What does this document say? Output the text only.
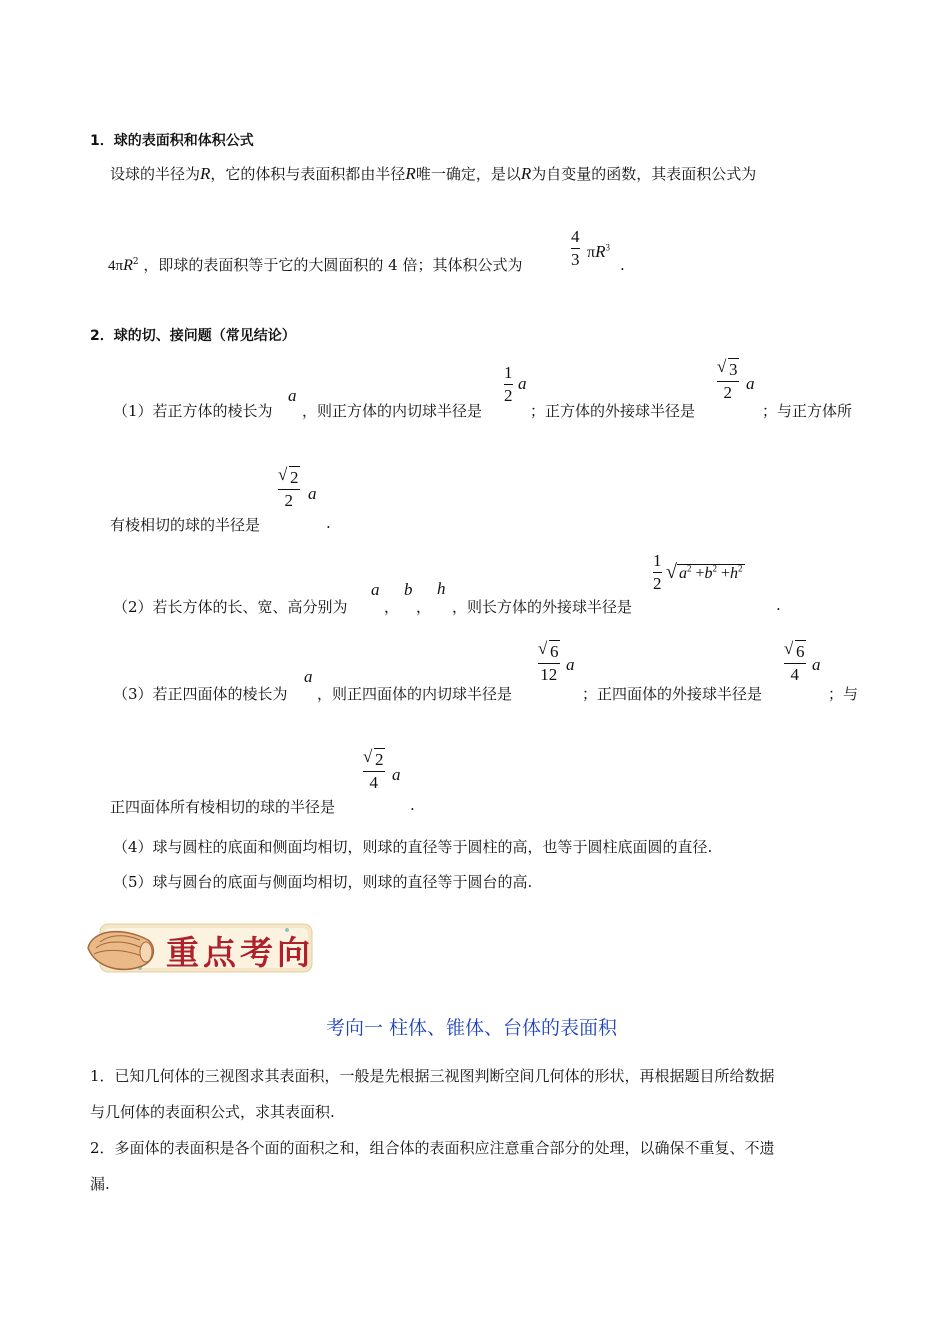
1．球的表面积和体积公式
设球的半径为R，它的体积与表面积都由半径R唯一确定，是以R为自变量的函数，其表面积公式为
$4\pi R^2$ ，即球的表面积等于它的大圆面积的 4 倍；其体积公式为
4
3 $\pi R^3$
.
2．球的切、接问题（常见结论）
（1）若正方体的棱长为
a
，则正方体的内切球半径是
1
2
a
；正方体的外接球半径是
√ 3
2 a
；与正方体所
有棱相切的球的半径是
√ 2
2 a
.
（2）若长方体的长、宽、高分别为
a
，
b
，
h
，则长方体的外接球半径是
1
2
√ $a^2 +b^2 +h^2$
.
（3）若正四面体的棱长为
a
，则正四面体的内切球半径是
√ 6
12
a
；正四面体的外接球半径是
√ 6
4
a
；与
正四面体所有棱相切的球的半径是
√ 2
4 a
.
（4）球与圆柱的底面和侧面均相切，则球的直径等于圆柱的高，也等于圆柱底面圆的直径.
（5）球与圆台的底面与侧面均相切，则球的直径等于圆台的高.
重点考向
考向一 柱体、锥体、台体的表面积
1．已知几何体的三视图求其表面积，一般是先根据三视图判断空间几何体的形状，再根据题目所给数据
与几何体的表面积公式，求其表面积.
2．多面体的表面积是各个面的面积之和，组合体的表面积应注意重合部分的处理，以确保不重复、不遗
漏.
